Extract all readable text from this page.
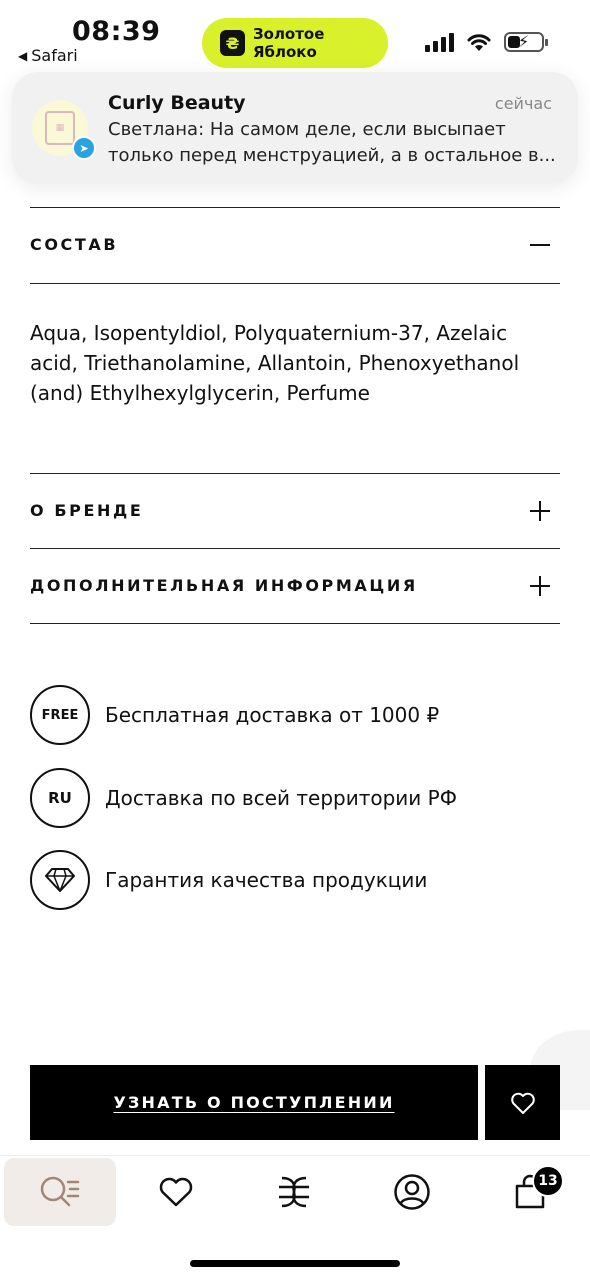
08:39
◀ Safari
₴ Золотое Яблоко
⚡
▦
➤
Curly Beauty	сейчас
Светлана: На самом деле, если высыпает только перед менструацией, а в остальное в...
СОСТАВ
Aqua, Isopentyldiol, Polyquaternium-37, Azelaic acid, Triethanolamine, Allantoin, Phenoxyethanol (and) Ethylhexylglycerin, Perfume
О БРЕНДЕ
ДОПОЛНИТЕЛЬНАЯ ИНФОРМАЦИЯ
FREE	Бесплатная доставка от 1000 ₽
RU	Доставка по всей территории РФ
Гарантия качества продукции
УЗНАТЬ О ПОСТУПЛЕНИИ
13
